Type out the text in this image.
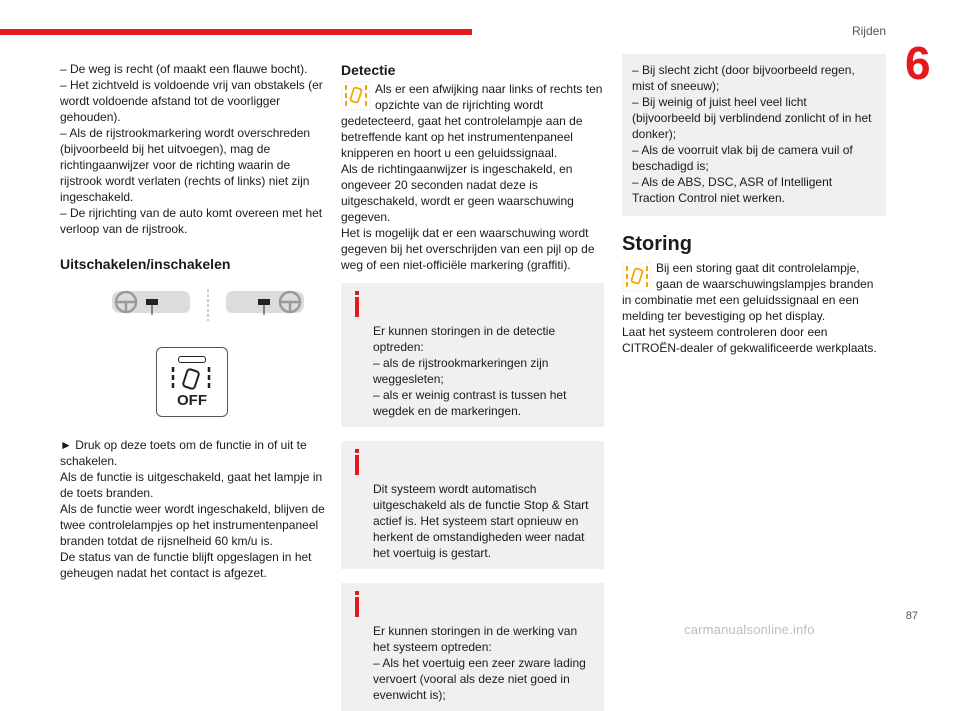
Rijden
6

– De weg is recht (of maakt een flauwe bocht).
– Het zichtveld is voldoende vrij van obstakels (er wordt voldoende afstand tot de voorligger gehouden).
– Als de rijstrookmarkering wordt overschreden (bijvoorbeeld bij het uitvoegen), mag de richtingaanwijzer voor de richting waarin de rijstrook wordt verlaten (rechts of links) niet zijn ingeschakeld.
– De rijrichting van de auto komt overeen met het verloop van de rijstrook.

Uitschakelen/inschakelen
OFF

► Druk op deze toets om de functie in of uit te schakelen.
Als de functie is uitgeschakeld, gaat het lampje in de toets branden.
Als de functie weer wordt ingeschakeld, blijven de twee controlelampjes op het instrumentenpaneel branden totdat de rijsnelheid 60 km/u is.
De status van de functie blijft opgeslagen in het geheugen nadat het contact is afgezet.

Detectie

Als er een afwijking naar links of rechts ten opzichte van de rijrichting wordt gedetecteerd, gaat het controlelampje aan de betreffende kant op het instrumentenpaneel knipperen en hoort u een geluidssignaal.
Als de richtingaanwijzer is ingeschakeld, en ongeveer 20 seconden nadat deze is uitgeschakeld, wordt er geen waarschuwing gegeven.
Het is mogelijk dat er een waarschuwing wordt gegeven bij het overschrijden van een pijl op de weg of een niet-officiële markering (graffiti).

Er kunnen storingen in de detectie optreden:
– als de rijstrookmarkeringen zijn weggesleten;
– als er weinig contrast is tussen het wegdek en de markeringen.

Dit systeem wordt automatisch uitgeschakeld als de functie Stop & Start actief is. Het systeem start opnieuw en herkent de omstandigheden weer nadat het voertuig is gestart.

Er kunnen storingen in de werking van het systeem optreden:
– Als het voertuig een zeer zware lading vervoert (vooral als deze niet goed in evenwicht is);

– Bij slecht zicht (door bijvoorbeeld regen, mist of sneeuw);
– Bij weinig of juist heel veel licht (bijvoorbeeld bij verblindend zonlicht of in het donker);
– Als de voorruit vlak bij de camera vuil of beschadigd is;
– Als de ABS, DSC, ASR of Intelligent Traction Control niet werken.
Storing

Bij een storing gaat dit controlelampje, gaan de waarschuwingslampjes branden in combinatie met een geluidssignaal en een melding ter bevestiging op het display.
Laat het systeem controleren door een CITROËN-dealer of gekwalificeerde werkplaats.

87
carmanualsonline.info
